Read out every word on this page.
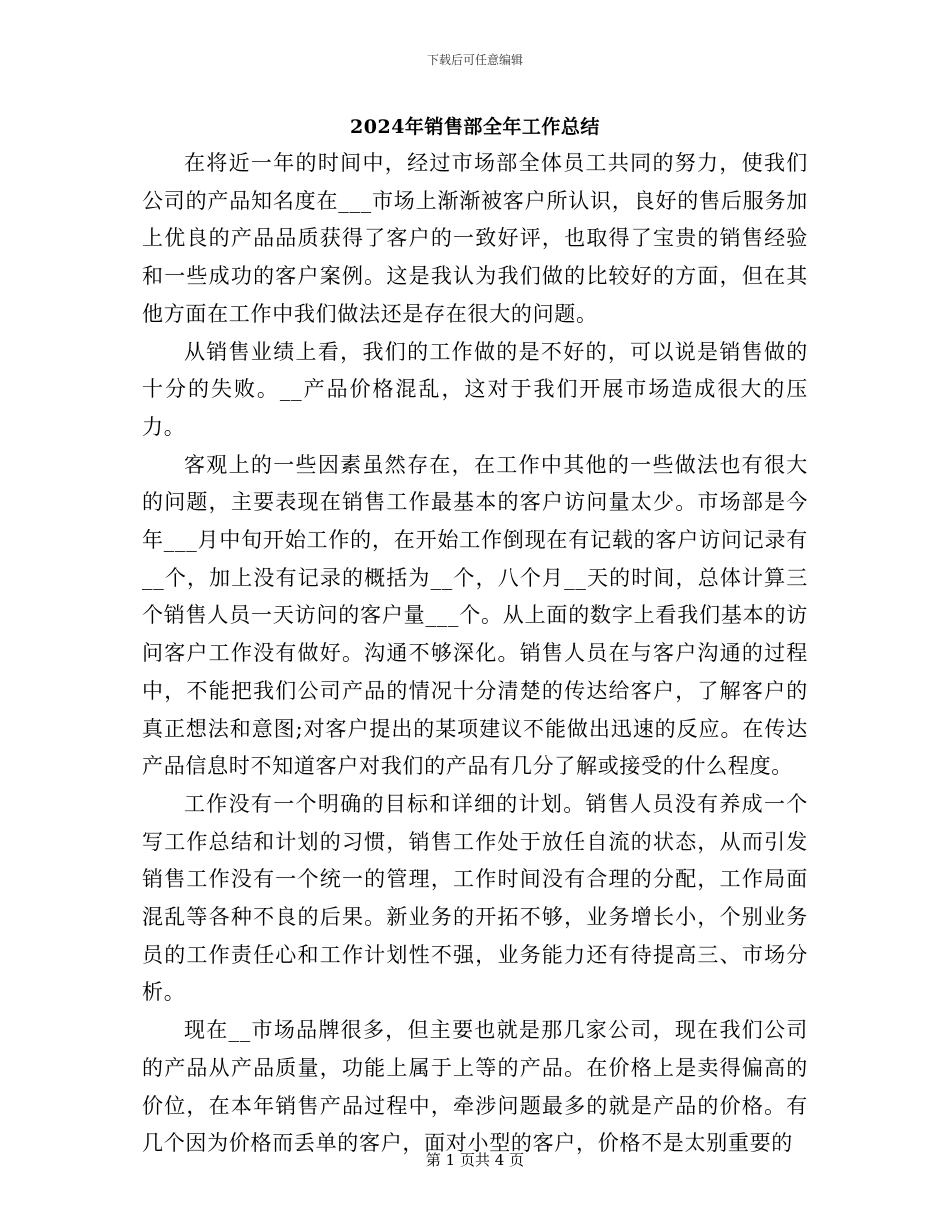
下载后可任意编辑
2024年销售部全年工作总结

在将近一年的时间中，经过市场部全体员工共同的努力，使我们公司的产品知名度在___市场上渐渐被客户所认识，良好的售后服务加上优良的产品品质获得了客户的一致好评，也取得了宝贵的销售经验和一些成功的客户案例。这是我认为我们做的比较好的方面，但在其他方面在工作中我们做法还是存在很大的问题。

从销售业绩上看，我们的工作做的是不好的，可以说是销售做的十分的失败。__产品价格混乱，这对于我们开展市场造成很大的压力。

客观上的一些因素虽然存在，在工作中其他的一些做法也有很大的问题，主要表现在销售工作最基本的客户访问量太少。市场部是今年___月中旬开始工作的，在开始工作倒现在有记载的客户访问记录有__个，加上没有记录的概括为__个，八个月__天的时间，总体计算三个销售人员一天访问的客户量___个。从上面的数字上看我们基本的访问客户工作没有做好。沟通不够深化。销售人员在与客户沟通的过程中，不能把我们公司产品的情况十分清楚的传达给客户，了解客户的真正想法和意图;对客户提出的某项建议不能做出迅速的反应。在传达产品信息时不知道客户对我们的产品有几分了解或接受的什么程度。

工作没有一个明确的目标和详细的计划。销售人员没有养成一个写工作总结和计划的习惯，销售工作处于放任自流的状态，从而引发销售工作没有一个统一的管理，工作时间没有合理的分配，工作局面混乱等各种不良的后果。新业务的开拓不够，业务增长小，个别业务员的工作责任心和工作计划性不强，业务能力还有待提高三、市场分析。

现在__市场品牌很多，但主要也就是那几家公司，现在我们公司的产品从产品质量，功能上属于上等的产品。在价格上是卖得偏高的价位，在本年销售产品过程中，牵涉问题最多的就是产品的价格。有几个因为价格而丢单的客户，面对小型的客户，价格不是太别重要的

第 1 页共 4 页
